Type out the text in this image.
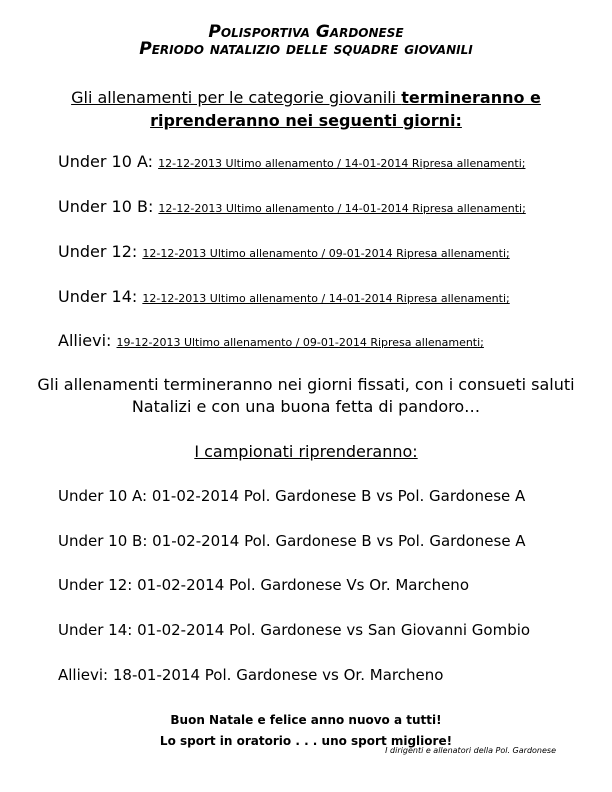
Polisportiva Gardonese
Periodo natalizio delle squadre giovanili
Gli allenamenti per le categorie giovanili termineranno e
riprenderanno nei seguenti giorni:
Under 10 A: 12-12-2013 Ultimo allenamento / 14-01-2014 Ripresa allenamenti;
Under 10 B: 12-12-2013 Ultimo allenamento / 14-01-2014 Ripresa allenamenti;
Under 12: 12-12-2013 Ultimo allenamento / 09-01-2014 Ripresa allenamenti;
Under 14: 12-12-2013 Ultimo allenamento / 14-01-2014 Ripresa allenamenti;
Allievi: 19-12-2013 Ultimo allenamento / 09-01-2014 Ripresa allenamenti;
Gli allenamenti termineranno nei giorni fissati, con i consueti saluti
Natalizi e con una buona fetta di pandoro…
I campionati riprenderanno:
Under 10 A: 01-02-2014 Pol. Gardonese B vs Pol. Gardonese A
Under 10 B: 01-02-2014 Pol. Gardonese B vs Pol. Gardonese A
Under 12: 01-02-2014 Pol. Gardonese Vs Or. Marcheno
Under 14: 01-02-2014 Pol. Gardonese vs San Giovanni Gombio
Allievi: 18-01-2014 Pol. Gardonese vs Or. Marcheno
Buon Natale e felice anno nuovo a tutti!
Lo sport in oratorio . . . uno sport migliore!
I dirigenti e allenatori della Pol. Gardonese
